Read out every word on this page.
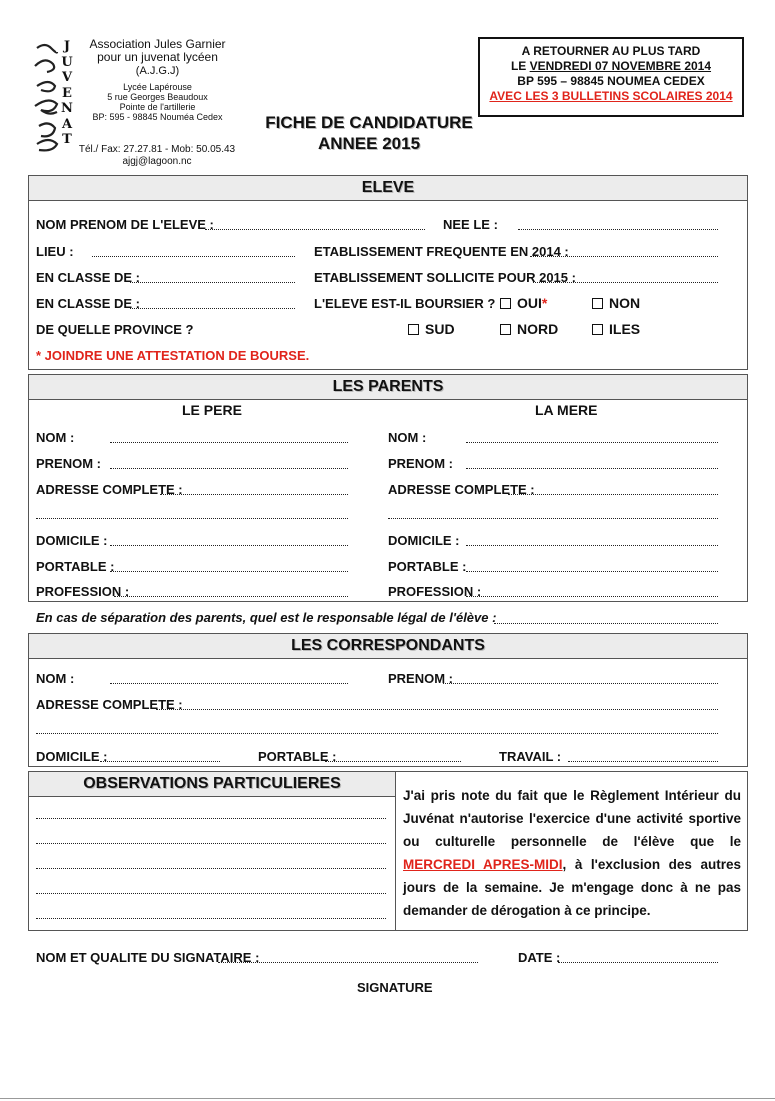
J
U
V
E
N
A
T
Association Jules Garnier
pour un juvenat lycéen
(A.J.G.J)
Lycée Lapérouse
5 rue Georges Beaudoux
Pointe de l'artillerie
BP: 595 - 98845 Nouméa Cedex
Tél./ Fax: 27.27.81 - Mob: 50.05.43
ajgj@lagoon.nc
FICHE DE CANDIDATURE
ANNEE 2015
A RETOURNER AU PLUS TARD
LE VENDREDI 07 NOVEMBRE 2014
BP 595 – 98845 NOUMEA CEDEX
AVEC LES 3 BULLETINS SCOLAIRES 2014
ELEVE
NOM PRENOM DE L'ELEVE :	NEE LE :
LIEU :	ETABLISSEMENT FREQUENTE EN 2014 :
EN CLASSE DE :	ETABLISSEMENT SOLLICITE POUR 2015 :
EN CLASSE DE :	L'ELEVE EST-IL BOURSIER ?	OUI*	NON
DE QUELLE PROVINCE ?	SUD	NORD	ILES
* JOINDRE UNE ATTESTATION DE BOURSE.
LES PARENTS
LE PERE	LA MERE
NOM :
PRENOM :
ADRESSE COMPLETE :
DOMICILE :
PORTABLE :
PROFESSION :
NOM :
PRENOM :
ADRESSE COMPLETE :
DOMICILE :
PORTABLE :
PROFESSION :
En cas de séparation des parents, quel est le responsable légal de l'élève :
LES CORRESPONDANTS
NOM :	PRENOM :
ADRESSE COMPLETE :
DOMICILE :	PORTABLE :	TRAVAIL :
OBSERVATIONS PARTICULIERES
J'ai pris note du fait que le Règlement Intérieur du Juvénat n'autorise l'exercice d'une activité sportive ou culturelle personnelle de l'élève que le MERCREDI APRES-MIDI, à l'exclusion des autres jours de la semaine. Je m'engage donc à ne pas demander de dérogation à ce principe.
NOM ET QUALITE DU SIGNATAIRE :	DATE :
SIGNATURE
